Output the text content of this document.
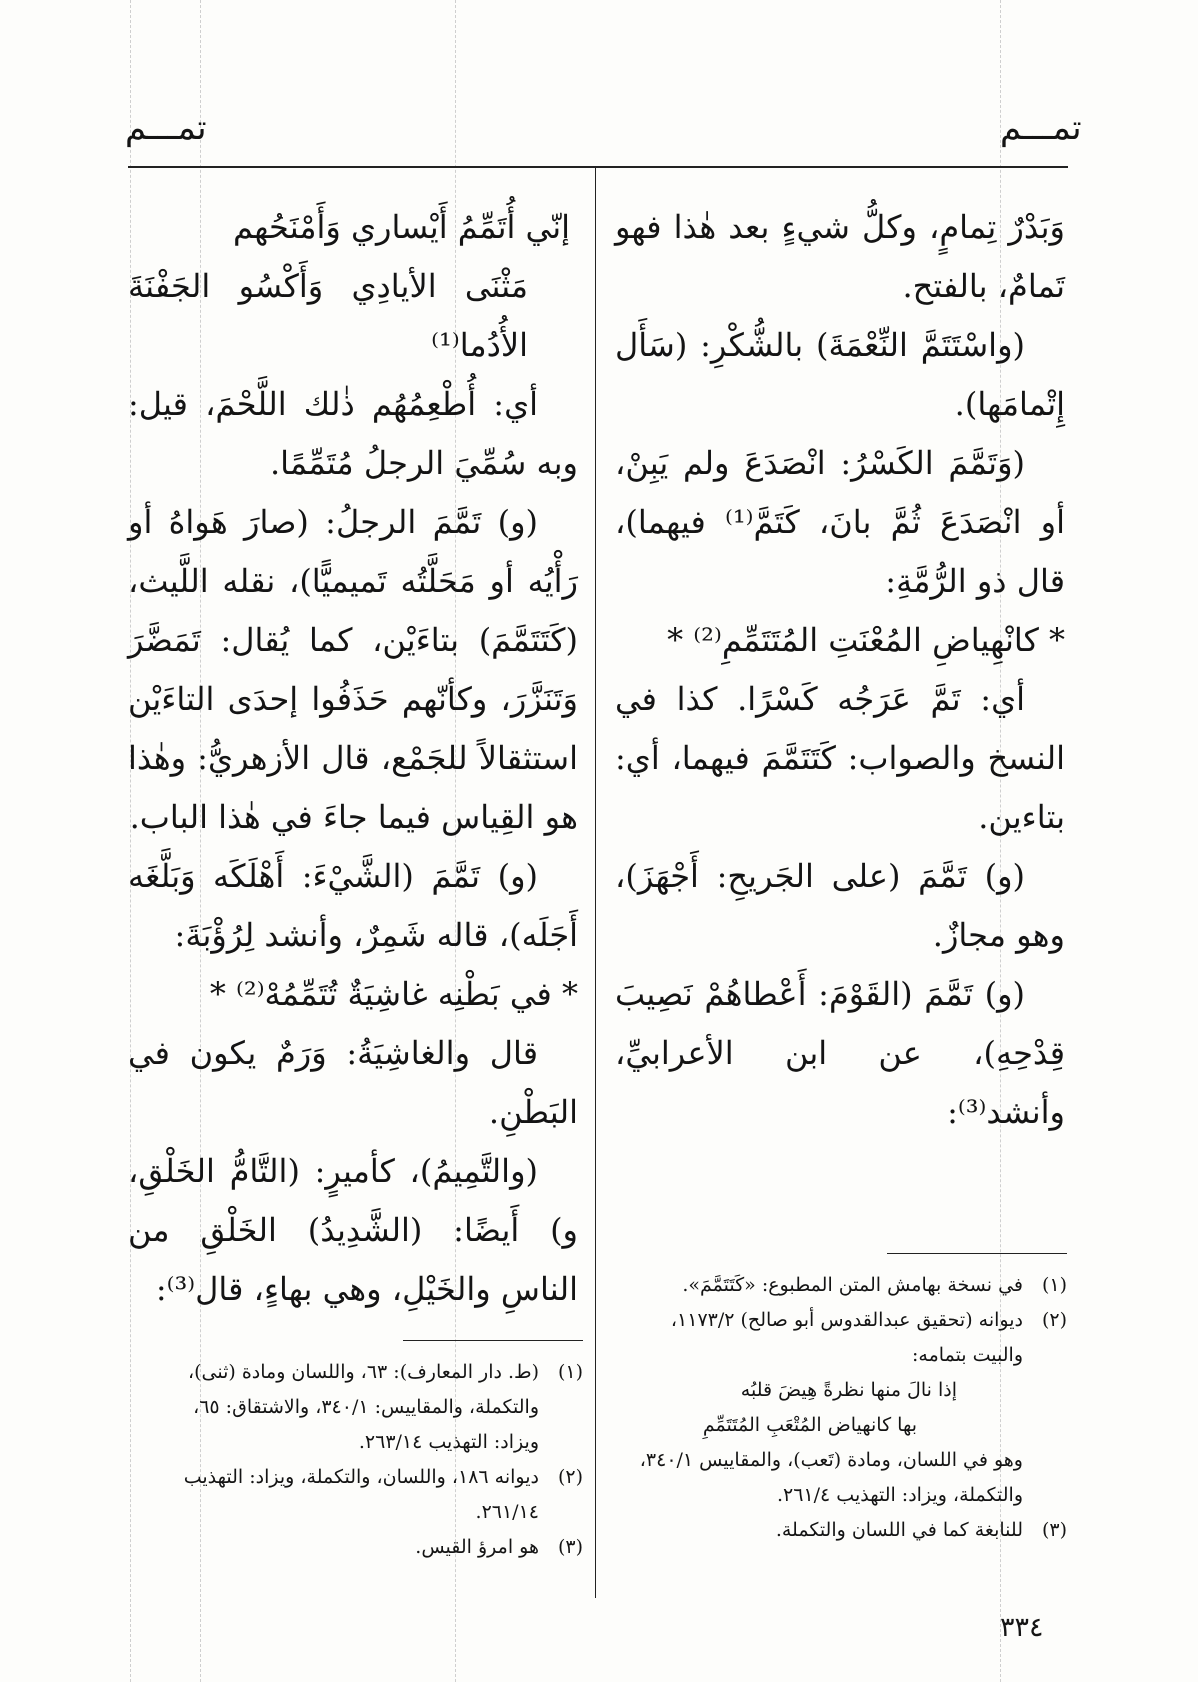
تمـــم
تمـــم

وَبَدْرٌ تِمامٍ، وكلُّ شيءٍ بعد هٰذا فهو تَمامٌ، بالفتح.

(واسْتَتَمَّ النِّعْمَةَ) بالشُّكْرِ: (سَأَل إِتْمامَها).

(وَتَمَّمَ الكَسْرُ: انْصَدَعَ ولم يَبِنْ، أو انْصَدَعَ ثُمَّ بانَ، كَتَمَّ⁽¹⁾ فيهما)، قال ذو الرُّمَّةِ:

* كانْهِياضِ المُعْنَتِ المُتَتَمِّمِ⁽²⁾ *

أي: تَمَّ عَرَجُه كَسْرًا. كذا في النسخ والصواب: كَتَتَمَّمَ فيهما، أي: بتاءين.

(و) تَمَّمَ (على الجَريحِ: أَجْهَزَ)، وهو مجازٌ.

(و) تَمَّمَ (القَوْمَ: أَعْطاهُمْ نَصِيبَ قِدْحِهِ)، عن ابن الأعرابيِّ، وأنشد⁽³⁾:

إنّي أُتَمِّمُ أَيْساري وَأَمْنَحُهم

مَثْنَى الأيادِي وَأَكْسُو الجَفْنَةَ الأُدُما⁽¹⁾

أي: أُطْعِمُهُم ذٰلك اللَّحْمَ، قيل: وبه سُمِّيَ الرجلُ مُتَمِّمًا.

(و) تَمَّمَ الرجلُ: (صارَ هَواهُ أو رَأْيُه أو مَحَلَّتُه تَميميًّا)، نقله اللَّيث، (كَتَتَمَّمَ) بتاءَيْن، كما يُقال: تَمَضَّرَ وَتَنَزَّرَ، وكأنّهم حَذَفُوا إحدَى التاءَيْن استثقالاً للجَمْع، قال الأزهريُّ: وهٰذا هو القِياس فيما جاءَ في هٰذا الباب.

(و) تَمَّمَ (الشَّيْءَ: أَهْلَكَه وَبَلَّغَه أَجَلَه)، قاله شَمِرٌ، وأنشد لِرُؤْبَةَ:

* في بَطْنِه غاشِيَةٌ تُتَمِّمُهْ⁽²⁾ *

قال والغاشِيَةُ: وَرَمٌ يكون في البَطْنِ.

(والتَّمِيمُ)، كأميرٍ: (التَّامُّ الخَلْقِ، و) أَيضًا: (الشَّدِيدُ) الخَلْقِ من الناسِ والخَيْلِ، وهي بهاءٍ، قال⁽³⁾:	(١)في نسخة بهامش المتن المطبوع: «كَتَتَمَّمَ».

(٢)ديوانه (تحقيق عبدالقدوس أبو صالح) ١١٧٣/٢،

والبيت بتمامه:

إذا نالَ منها نظرةً هِيضَ قلبُه

بها كانهياض المُتْعَبِ المُتَتَمِّمِ

وهو في اللسان، ومادة (تَعب)، والمقاييس ٣٤٠/١،

والتكملة، ويزاد: التهذيب ٢٦١/٤.

(٣)للنابغة كما في اللسان والتكملة.

(١)(ط. دار المعارف): ٦٣، واللسان ومادة (ثنى)،

والتكملة، والمقاييس: ٣٤٠/١، والاشتقاق: ٦٥،

ويزاد: التهذيب ٢٦٣/١٤.

(٢)ديوانه ١٨٦، واللسان، والتكملة، ويزاد: التهذيب

٢٦١/١٤.

(٣)هو امرؤ القيس.

٣٣٤
